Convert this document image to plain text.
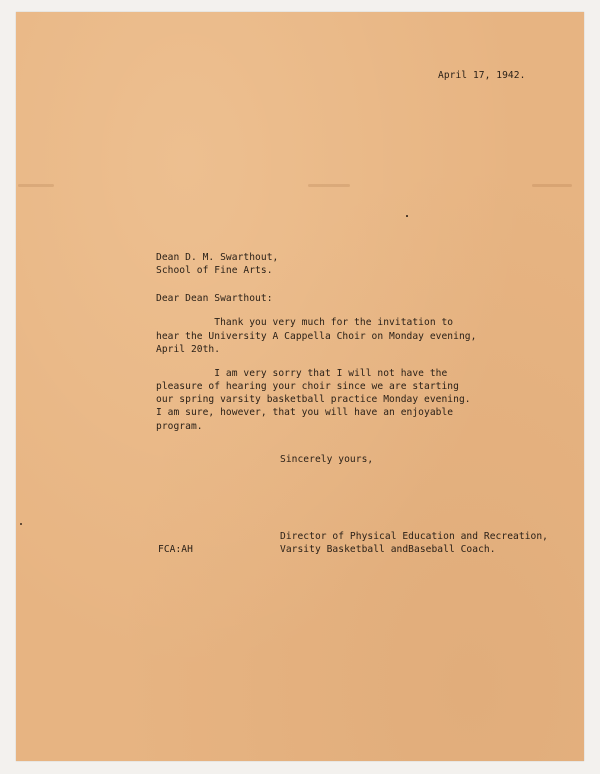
April 17, 1942.
Dean D. M. Swarthout,
School of Fine Arts.
Dear Dean Swarthout:
Thank you very much for the invitation to
hear the University A Cappella Choir on Monday evening,
April 20th.
I am very sorry that I will not have the
pleasure of hearing your choir since we are starting
our spring varsity basketball practice Monday evening.
I am sure, however, that you will have an enjoyable
program.
Sincerely yours,
Director of Physical Education and Recreation,
Varsity Basketball andBaseball Coach.
FCA:AH
